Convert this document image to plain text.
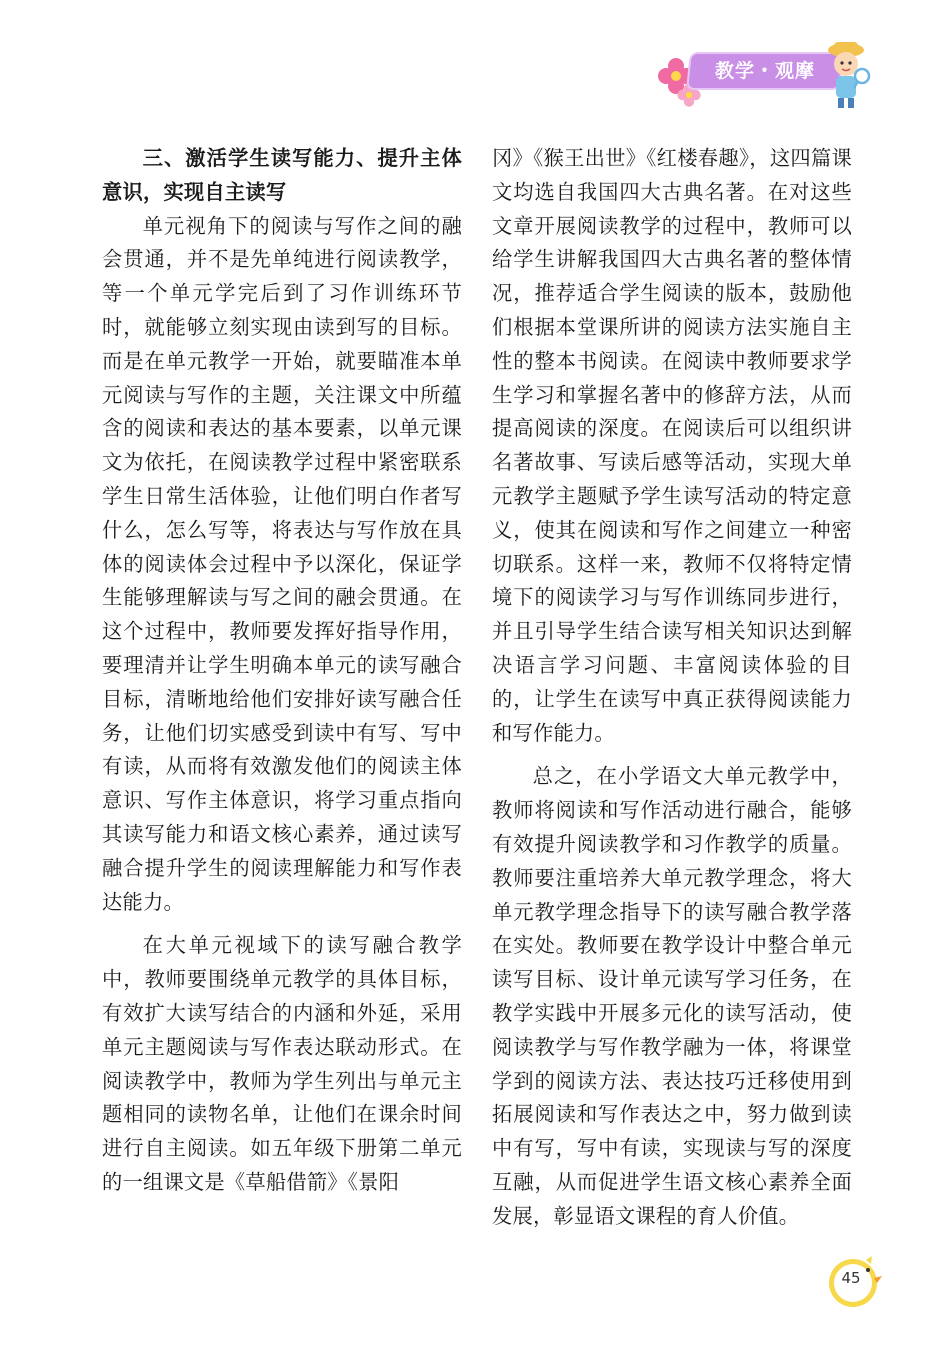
教学・观摩
三、激活学生读写能力、提升主体意识，实现自主读写

单元视角下的阅读与写作之间的融会贯通，并不是先单纯进行阅读教学，等一个单元学完后到了习作训练环节时，就能够立刻实现由读到写的目标。而是在单元教学一开始，就要瞄准本单元阅读与写作的主题，关注课文中所蕴含的阅读和表达的基本要素，以单元课文为依托，在阅读教学过程中紧密联系学生日常生活体验，让他们明白作者写什么，怎么写等，将表达与写作放在具体的阅读体会过程中予以深化，保证学生能够理解读与写之间的融会贯通。在这个过程中，教师要发挥好指导作用，要理清并让学生明确本单元的读写融合目标，清晰地给他们安排好读写融合任务，让他们切实感受到读中有写、写中有读，从而将有效激发他们的阅读主体意识、写作主体意识，将学习重点指向其读写能力和语文核心素养，通过读写融合提升学生的阅读理解能力和写作表达能力。

在大单元视域下的读写融合教学中，教师要围绕单元教学的具体目标，有效扩大读写结合的内涵和外延，采用单元主题阅读与写作表达联动形式。在阅读教学中，教师为学生列出与单元主题相同的读物名单，让他们在课余时间进行自主阅读。如五年级下册第二单元的一组课文是《草船借箭》《景阳

冈》《猴王出世》《红楼春趣》，这四篇课文均选自我国四大古典名著。在对这些文章开展阅读教学的过程中，教师可以给学生讲解我国四大古典名著的整体情况，推荐适合学生阅读的版本，鼓励他们根据本堂课所讲的阅读方法实施自主性的整本书阅读。在阅读中教师要求学生学习和掌握名著中的修辞方法，从而提高阅读的深度。在阅读后可以组织讲名著故事、写读后感等活动，实现大单元教学主题赋予学生读写活动的特定意义，使其在阅读和写作之间建立一种密切联系。这样一来，教师不仅将特定情境下的阅读学习与写作训练同步进行，并且引导学生结合读写相关知识达到解决语言学习问题、丰富阅读体验的目的，让学生在读写中真正获得阅读能力和写作能力。

总之，在小学语文大单元教学中，教师将阅读和写作活动进行融合，能够有效提升阅读教学和习作教学的质量。教师要注重培养大单元教学理念，将大单元教学理念指导下的读写融合教学落在实处。教师要在教学设计中整合单元读写目标、设计单元读写学习任务，在教学实践中开展多元化的读写活动，使阅读教学与写作教学融为一体，将课堂学到的阅读方法、表达技巧迁移使用到拓展阅读和写作表达之中，努力做到读中有写，写中有读，实现读与写的深度互融，从而促进学生语文核心素养全面发展，彰显语文课程的育人价值。

45
